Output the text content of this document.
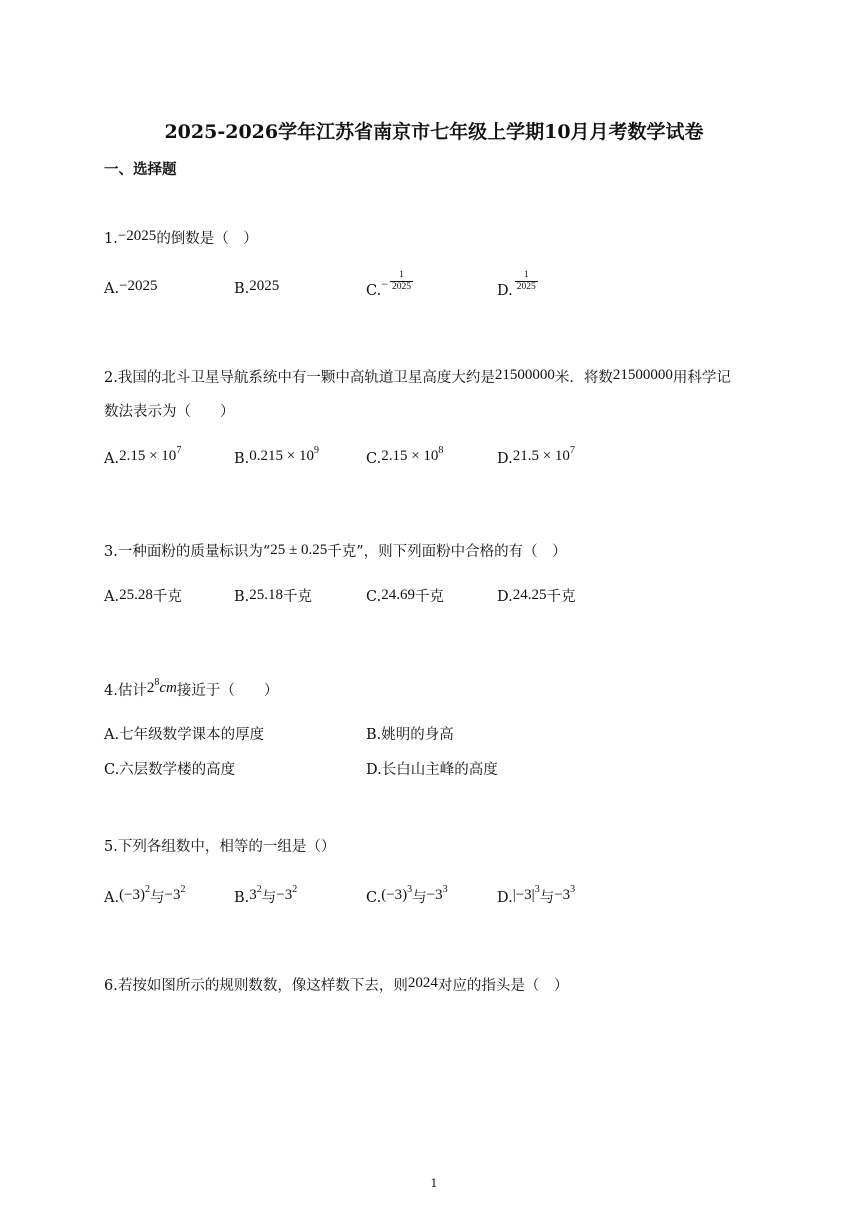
2025-2026学年江苏省南京市七年级上学期10月月考数学试卷
一、选择题
1.−2025的倒数是（　）
A.−2025	B.2025	$C.- \frac{1}{2025}$	D. $\frac{1}{2025}$
2.我国的北斗卫星导航系统中有一颗中高轨道卫星高度大约是21500000米．将数21500000用科学记
数法表示为（　　）
$A.2.15 \times 10^7$
$B.0.215 \times 10^9$
$C.2.15 \times 10^8$
$D.21.5 \times 10^7$
3.一种面粉的质量标识为“25 ± 0.25千克”，则下列面粉中合格的有（　）
A.25.28千克	B.25.18千克	C.24.69千克	D.24.25千克
4.估计$2^8cm$接近于（　　）
A.七年级数学课本的厚度	B.姚明的身高
C.六层数学楼的高度	D.长白山主峰的高度
5.下列各组数中，相等的一组是（）
$A.(-3)^2$与$-3^2$
$B.3^2$与$-3^2$
$C.(-3)^3$与$-3^3$
$D.|-3|^3$与$-3^3$
6.若按如图所示的规则数数，像这样数下去，则2024对应的指头是（　）
1
